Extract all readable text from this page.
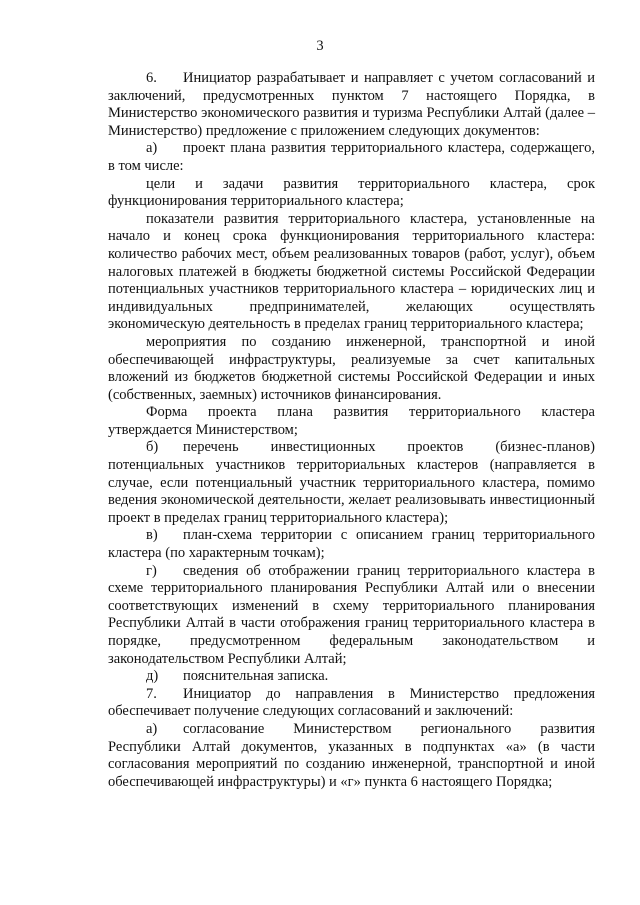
3

6. Инициатор разрабатывает и направляет с учетом согласований и заключений, предусмотренных пунктом 7 настоящего Порядка, в Министерство экономического развития и туризма Республики Алтай (далее – Министерство) предложение с приложением следующих документов:

а) проект плана развития территориального кластера, содержащего, в том числе:

цели и задачи развития территориального кластера, срок функционирования территориального кластера;

показатели развития территориального кластера, установленные на начало и конец срока функционирования территориального кластера: количество рабочих мест, объем реализованных товаров (работ, услуг), объем налоговых платежей в бюджеты бюджетной системы Российской Федерации потенциальных участников территориального кластера – юридических лиц и индивидуальных предпринимателей, желающих осуществлять экономическую деятельность в пределах границ территориального кластера;

мероприятия по созданию инженерной, транспортной и иной обеспечивающей инфраструктуры, реализуемые за счет капитальных вложений из бюджетов бюджетной системы Российской Федерации и иных (собственных, заемных) источников финансирования.

Форма проекта плана развития территориального кластера утверждается Министерством;

б) перечень инвестиционных проектов (бизнес-планов) потенциальных участников территориальных кластеров (направляется в случае, если потенциальный участник территориального кластера, помимо ведения экономической деятельности, желает реализовывать инвестиционный проект в пределах границ территориального кластера);

в) план-схема территории с описанием границ территориального кластера (по характерным точкам);

г) сведения об отображении границ территориального кластера в схеме территориального планирования Республики Алтай или о внесении соответствующих изменений в схему территориального планирования Республики Алтай в части отображения границ территориального кластера в порядке, предусмотренном федеральным законодательством и законодательством Республики Алтай;

д) пояснительная записка.

7. Инициатор до направления в Министерство предложения обеспечивает получение следующих согласований и заключений:

а) согласование Министерством регионального развития Республики Алтай документов, указанных в подпунктах «а» (в части согласования мероприятий по созданию инженерной, транспортной и иной обеспечивающей инфраструктуры) и «г» пункта 6 настоящего Порядка;
